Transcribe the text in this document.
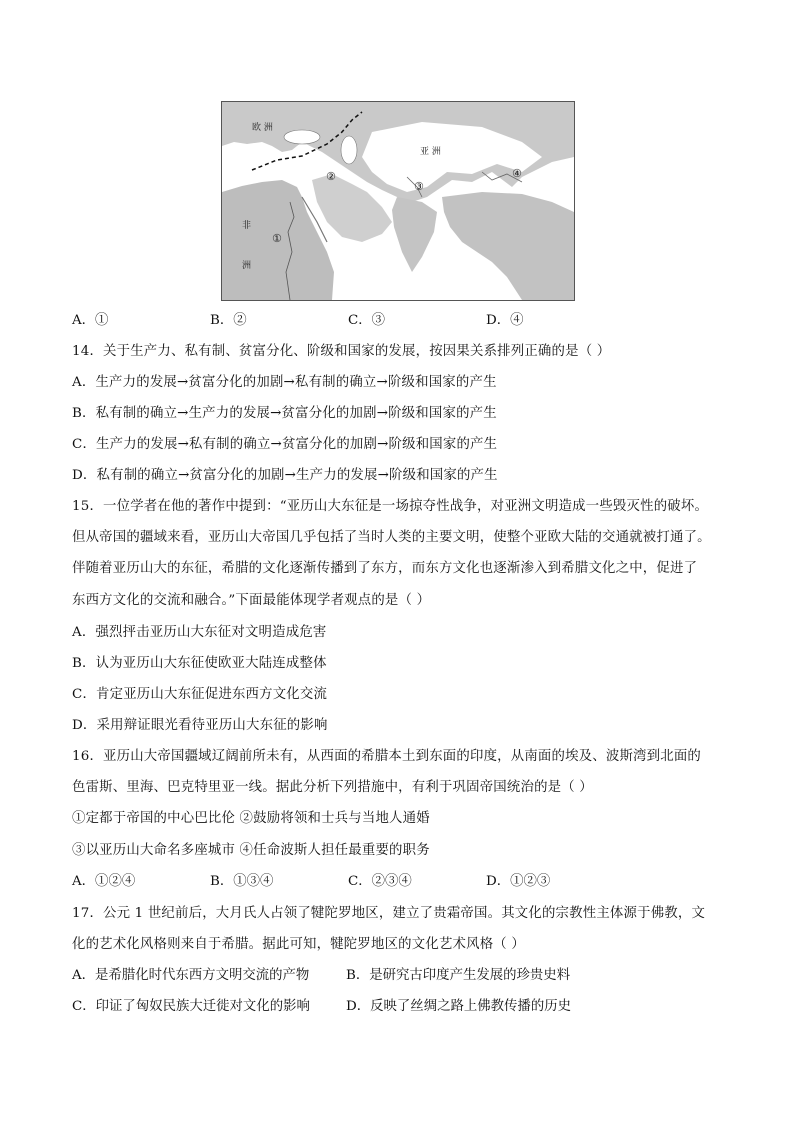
欧 洲
亚 洲
非
洲
①
②
③
④
A．①	B．②	C．③	D．④
14．关于生产力、私有制、贫富分化、阶级和国家的发展，按因果关系排列正确的是（ ）
A．生产力的发展→贫富分化的加剧→私有制的确立→阶级和国家的产生
B．私有制的确立→生产力的发展→贫富分化的加剧→阶级和国家的产生
C．生产力的发展→私有制的确立→贫富分化的加剧→阶级和国家的产生
D．私有制的确立→贫富分化的加剧→生产力的发展→阶级和国家的产生
15．一位学者在他的著作中提到：“亚历山大东征是一场掠夺性战争，对亚洲文明造成一些毁灭性的破坏。
但从帝国的疆域来看，亚历山大帝国几乎包括了当时人类的主要文明，使整个亚欧大陆的交通就被打通了。
伴随着亚历山大的东征，希腊的文化逐渐传播到了东方，而东方文化也逐渐渗入到希腊文化之中，促进了
东西方文化的交流和融合。”下面最能体现学者观点的是（ ）
A．强烈抨击亚历山大东征对文明造成危害
B．认为亚历山大东征使欧亚大陆连成整体
C．肯定亚历山大东征促进东西方文化交流
D．采用辩证眼光看待亚历山大东征的影响
16．亚历山大帝国疆域辽阔前所未有，从西面的希腊本土到东面的印度，从南面的埃及、波斯湾到北面的
色雷斯、里海、巴克特里亚一线。据此分析下列措施中，有利于巩固帝国统治的是（ ）
①定都于帝国的中心巴比伦 ②鼓励将领和士兵与当地人通婚
③以亚历山大命名多座城市 ④任命波斯人担任最重要的职务
A．①②④	B．①③④	C．②③④	D．①②③
17．公元 1 世纪前后，大月氏人占领了犍陀罗地区，建立了贵霜帝国。其文化的宗教性主体源于佛教，文
化的艺术化风格则来自于希腊。据此可知，犍陀罗地区的文化艺术风格（ ）
A．是希腊化时代东西方文明交流的产物	B．是研究古印度产生发展的珍贵史料
C．印证了匈奴民族大迁徙对文化的影响	D．反映了丝绸之路上佛教传播的历史
